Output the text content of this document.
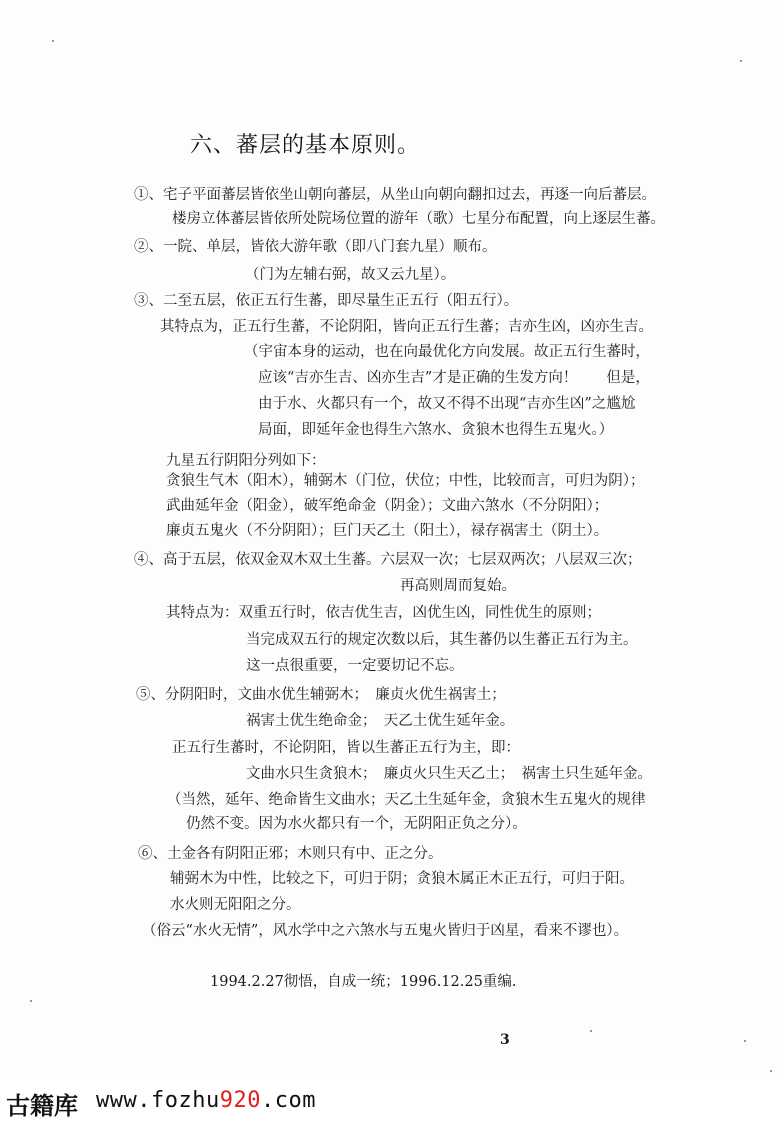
六、蕃层的基本原则。
①、宅子平面蕃层皆依坐山朝向蕃层，从坐山向朝向翻扣过去，再逐一向后蕃层。
楼房立体蕃层皆依所处院场位置的游年（歌）七星分布配置，向上逐层生蕃。
②、一院、单层，皆依大游年歌（即八门套九星）顺布。
（门为左辅右弼，故又云九星）。
③、二至五层，依正五行生蕃，即尽量生正五行（阳五行）。
其特点为，正五行生蕃，不论阴阳，皆向正五行生蕃；吉亦生凶，凶亦生吉。
（宇宙本身的运动，也在向最优化方向发展。故正五行生蕃时，
应该“吉亦生吉、凶亦生吉”才是正确的生发方向！　　但是，
由于水、火都只有一个，故又不得不出现“吉亦生凶”之尴尬
局面，即延年金也得生六煞水、贪狼木也得生五鬼火。）
九星五行阴阳分列如下：
贪狼生气木（阳木），辅弼木（门位，伏位；中性，比较而言，可归为阴）；
武曲延年金（阳金），破军绝命金（阴金）；文曲六煞水（不分阴阳）；
廉贞五鬼火（不分阴阳）；巨门天乙土（阳土），禄存祸害土（阴土）。
④、高于五层，依双金双木双土生蕃。六层双一次；七层双两次；八层双三次；
再高则周而复始。
其特点为：双重五行时，依吉优生吉，凶优生凶，同性优生的原则；
当完成双五行的规定次数以后，其生蕃仍以生蕃正五行为主。
这一点很重要，一定要切记不忘。
⑤、分阴阳时，文曲水优生辅弼木；　廉贞火优生祸害土；
祸害土优生绝命金；　天乙土优生延年金。
正五行生蕃时，不论阴阳，皆以生蕃正五行为主，即：
文曲水只生贪狼木；　廉贞火只生天乙土；　祸害土只生延年金。
（当然，延年、绝命皆生文曲水；天乙土生延年金，贪狼木生五鬼火的规律
仍然不变。因为水火都只有一个，无阴阳正负之分）。
⑥、土金各有阴阳正邪；木则只有中、正之分。
辅弼木为中性，比较之下，可归于阴；贪狼木属正木正五行，可归于阳。
水火则无阳阳之分。
（俗云“水火无情”，风水学中之六煞水与五鬼火皆归于凶星，看来不谬也）。
1994.2.27彻悟，自成一统；1996.12.25重编.
3
古籍库 www.fozhu920.com
